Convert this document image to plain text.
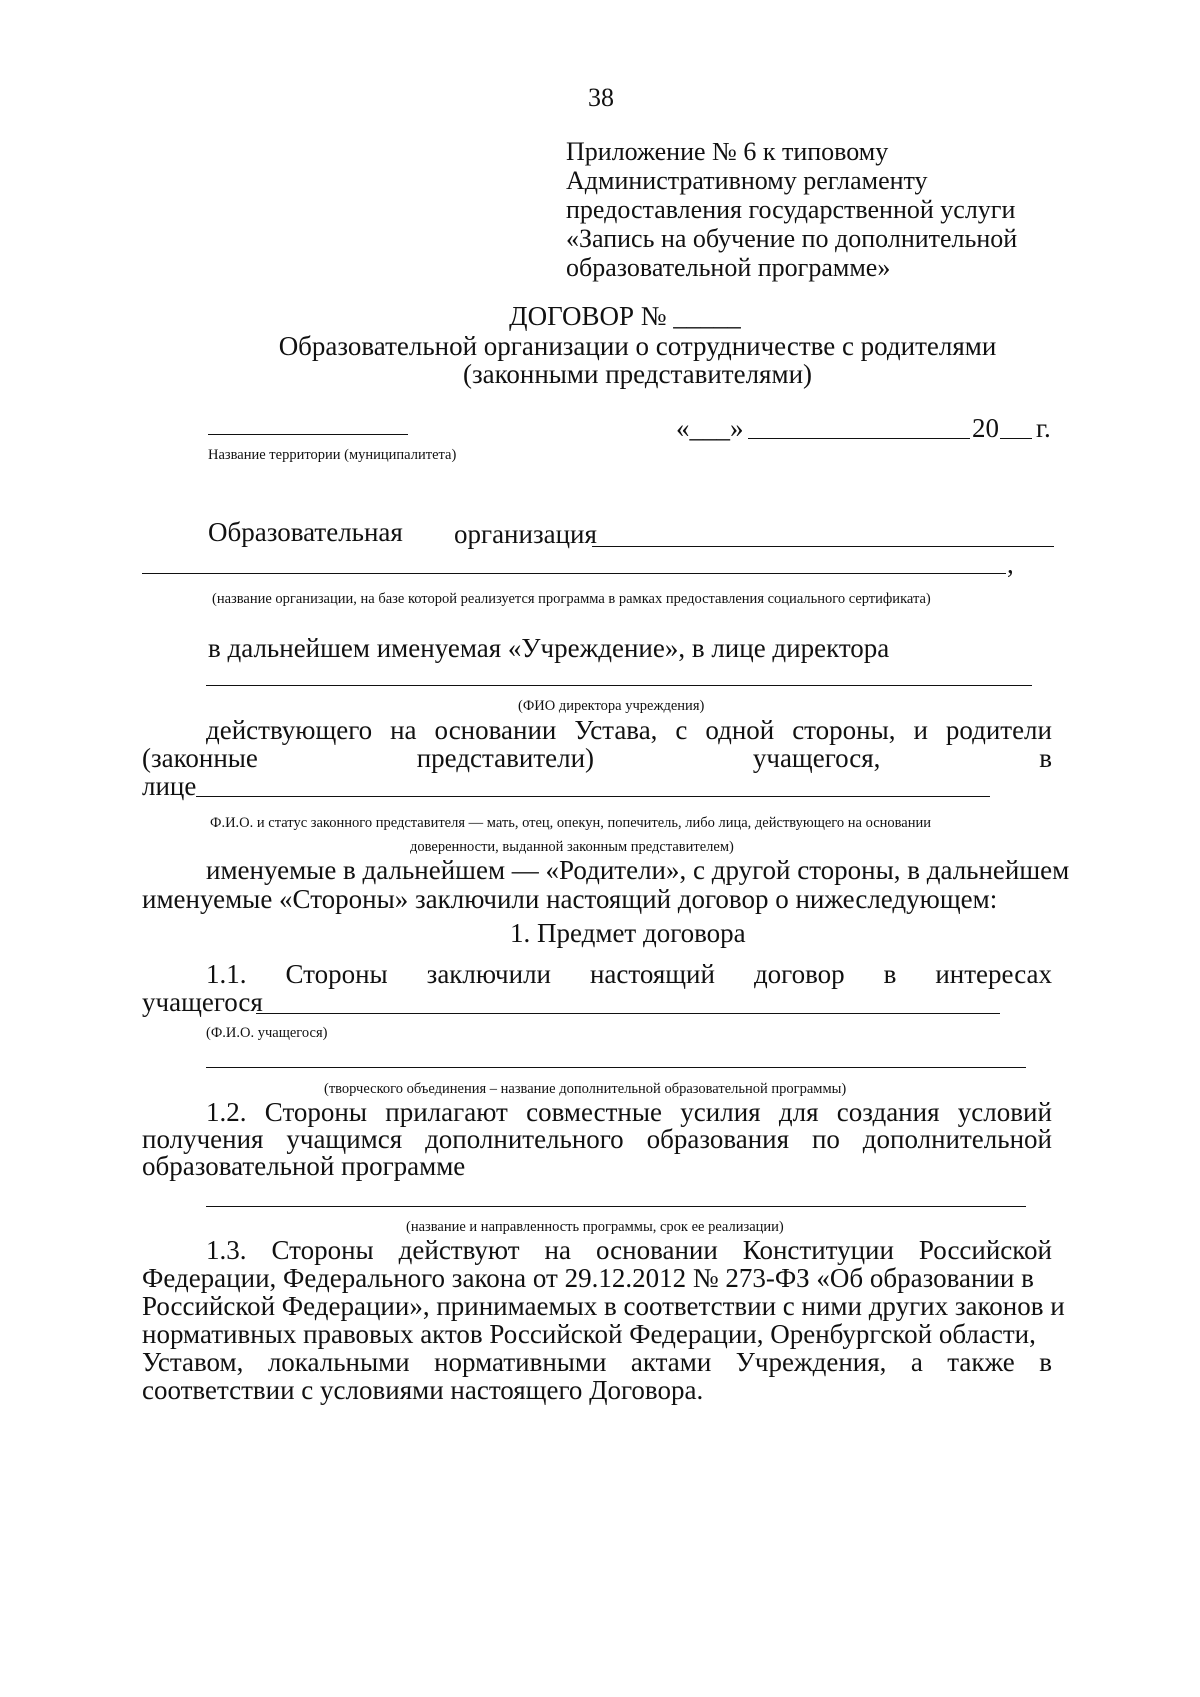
38
Приложение № 6 к типовому
Административному регламенту
предоставления государственной услуги
«Запись на обучение по дополнительной
образовательной программе»
ДОГОВОР № _____
Образовательной организации о сотрудничестве с родителями
(законными представителями)
Название территории (муниципалитета)
«___»	20 г.
Образовательная организация
,
(название организации, на базе которой реализуется программа в рамках предоставления социального сертификата)
в дальнейшем именуемая «Учреждение», в лице директора
(ФИО директора учреждения)
действующего на основании Устава, с одной стороны, и родители
(законные	представители)	учащегося,	в
лице
Ф.И.О. и статус законного представителя — мать, отец, опекун, попечитель, либо лица, действующего на основании
доверенности, выданной законным представителем)
именуемые в дальнейшем — «Родители», с другой стороны, в дальнейшем
именуемые «Стороны» заключили настоящий договор о нижеследующем:
1. Предмет договора
1.1. Стороны заключили настоящий договор в интересах
учащегося
(Ф.И.О. учащегося)
(творческого объединения – название дополнительной образовательной программы)
1.2. Стороны прилагают совместные усилия для создания условий
получения учащимся дополнительного образования по дополнительной
образовательной программе
(название и направленность программы, срок ее реализации)
1.3. Стороны действуют на основании Конституции Российской
Федерации, Федерального закона от 29.12.2012 № 273-ФЗ «Об образовании в
Российской Федерации», принимаемых в соответствии с ними других законов и
нормативных правовых актов Российской Федерации, Оренбургской области,
Уставом, локальными нормативными актами Учреждения, а также в
соответствии с условиями настоящего Договора.
